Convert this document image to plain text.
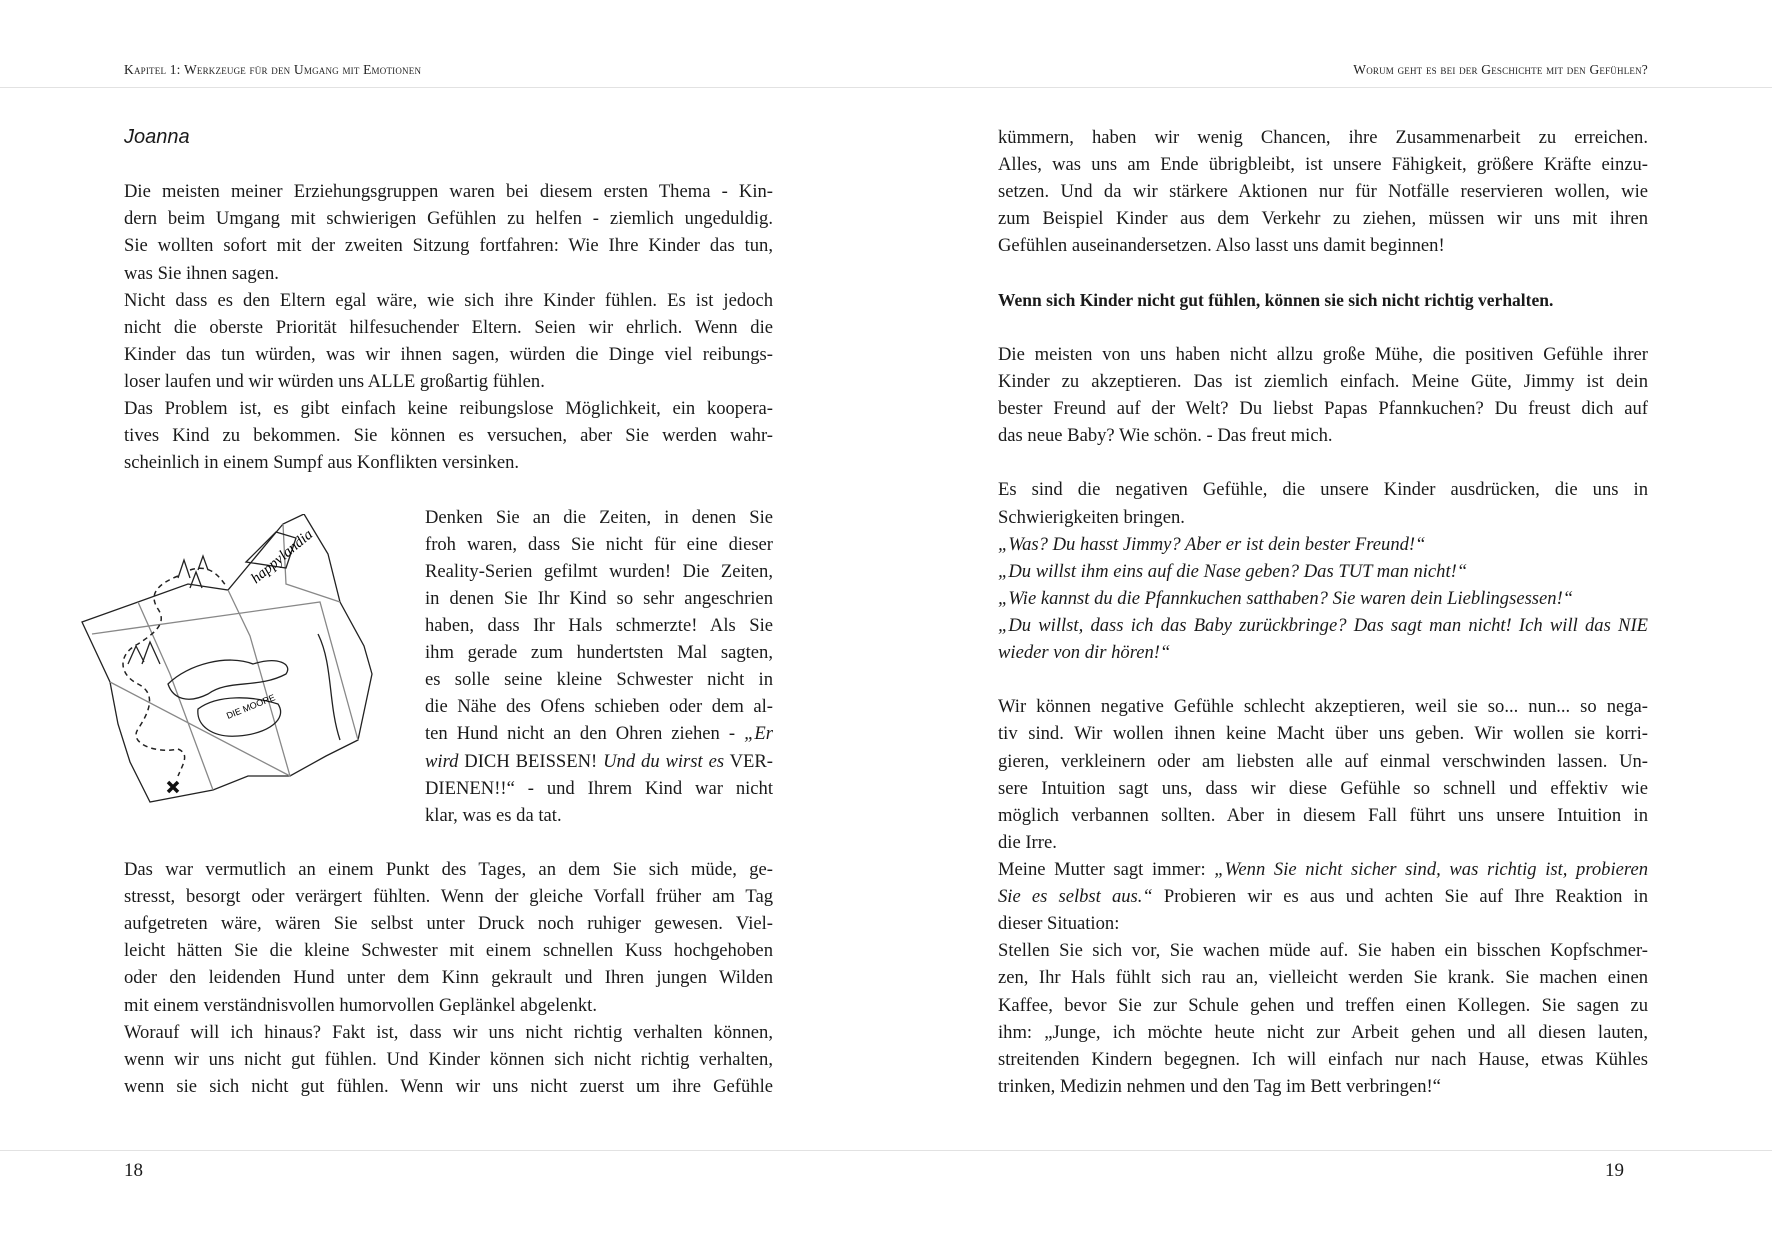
Kapitel 1: Werkzeuge für den Umgang mit Emotionen	Worum geht es bei der Geschichte mit den Gefühlen?
DIE MOORE
happylandia
Joanna
Die meisten meiner Erziehungsgruppen waren bei diesem ersten Thema - Kin-
dern beim Umgang mit schwierigen Gefühlen zu helfen - ziemlich ungeduldig.
Sie wollten sofort mit der zweiten Sitzung fortfahren: Wie Ihre Kinder das tun,
was Sie ihnen sagen.
Nicht dass es den Eltern egal wäre, wie sich ihre Kinder fühlen. Es ist jedoch
nicht die oberste Priorität hilfesuchender Eltern. Seien wir ehrlich. Wenn die
Kinder das tun würden, was wir ihnen sagen, würden die Dinge viel reibungs-
loser laufen und wir würden uns ALLE großartig fühlen.
Das Problem ist, es gibt einfach keine reibungslose Möglichkeit, ein koopera-
tives Kind zu bekommen. Sie können es versuchen, aber Sie werden wahr-
scheinlich in einem Sumpf aus Konflikten versinken.
Denken Sie an die Zeiten, in denen Sie
froh waren, dass Sie nicht für eine dieser
Reality-Serien gefilmt wurden! Die Zeiten,
in denen Sie Ihr Kind so sehr angeschrien
haben, dass Ihr Hals schmerzte! Als Sie
ihm gerade zum hundertsten Mal sagten,
es solle seine kleine Schwester nicht in
die Nähe des Ofens schieben oder dem al-
ten Hund nicht an den Ohren ziehen - „Er
wird DICH BEISSEN! Und du wirst es VER-
DIENEN!!“ - und Ihrem Kind war nicht
klar, was es da tat.
Das war vermutlich an einem Punkt des Tages, an dem Sie sich müde, ge-
stresst, besorgt oder verärgert fühlten. Wenn der gleiche Vorfall früher am Tag
aufgetreten wäre, wären Sie selbst unter Druck noch ruhiger gewesen. Viel-
leicht hätten Sie die kleine Schwester mit einem schnellen Kuss hochgehoben
oder den leidenden Hund unter dem Kinn gekrault und Ihren jungen Wilden
mit einem verständnisvollen humorvollen Geplänkel abgelenkt.
Worauf will ich hinaus? Fakt ist, dass wir uns nicht richtig verhalten können,
wenn wir uns nicht gut fühlen. Und Kinder können sich nicht richtig verhalten,
wenn sie sich nicht gut fühlen. Wenn wir uns nicht zuerst um ihre Gefühle
kümmern, haben wir wenig Chancen, ihre Zusammenarbeit zu erreichen.
Alles, was uns am Ende übrigbleibt, ist unsere Fähigkeit, größere Kräfte einzu-
setzen. Und da wir stärkere Aktionen nur für Notfälle reservieren wollen, wie
zum Beispiel Kinder aus dem Verkehr zu ziehen, müssen wir uns mit ihren
Gefühlen auseinandersetzen. Also lasst uns damit beginnen!
Wenn sich Kinder nicht gut fühlen, können sie sich nicht richtig verhalten.
Die meisten von uns haben nicht allzu große Mühe, die positiven Gefühle ihrer
Kinder zu akzeptieren. Das ist ziemlich einfach. Meine Güte, Jimmy ist dein
bester Freund auf der Welt? Du liebst Papas Pfannkuchen? Du freust dich auf
das neue Baby? Wie schön. - Das freut mich.
Es sind die negativen Gefühle, die unsere Kinder ausdrücken, die uns in
Schwierigkeiten bringen.
„Was? Du hasst Jimmy? Aber er ist dein bester Freund!“
„Du willst ihm eins auf die Nase geben? Das TUT man nicht!“
„Wie kannst du die Pfannkuchen satthaben? Sie waren dein Lieblingsessen!“
„Du willst, dass ich das Baby zurückbringe? Das sagt man nicht! Ich will das NIE
wieder von dir hören!“
Wir können negative Gefühle schlecht akzeptieren, weil sie so... nun... so nega-
tiv sind. Wir wollen ihnen keine Macht über uns geben. Wir wollen sie korri-
gieren, verkleinern oder am liebsten alle auf einmal verschwinden lassen. Un-
sere Intuition sagt uns, dass wir diese Gefühle so schnell und effektiv wie
möglich verbannen sollten. Aber in diesem Fall führt uns unsere Intuition in
die Irre.
Meine Mutter sagt immer: „Wenn Sie nicht sicher sind, was richtig ist, probieren
Sie es selbst aus.“ Probieren wir es aus und achten Sie auf Ihre Reaktion in
dieser Situation:
Stellen Sie sich vor, Sie wachen müde auf. Sie haben ein bisschen Kopfschmer-
zen, Ihr Hals fühlt sich rau an, vielleicht werden Sie krank. Sie machen einen
Kaffee, bevor Sie zur Schule gehen und treffen einen Kollegen. Sie sagen zu
ihm: „Junge, ich möchte heute nicht zur Arbeit gehen und all diesen lauten,
streitenden Kindern begegnen. Ich will einfach nur nach Hause, etwas Kühles
trinken, Medizin nehmen und den Tag im Bett verbringen!“
18	19
